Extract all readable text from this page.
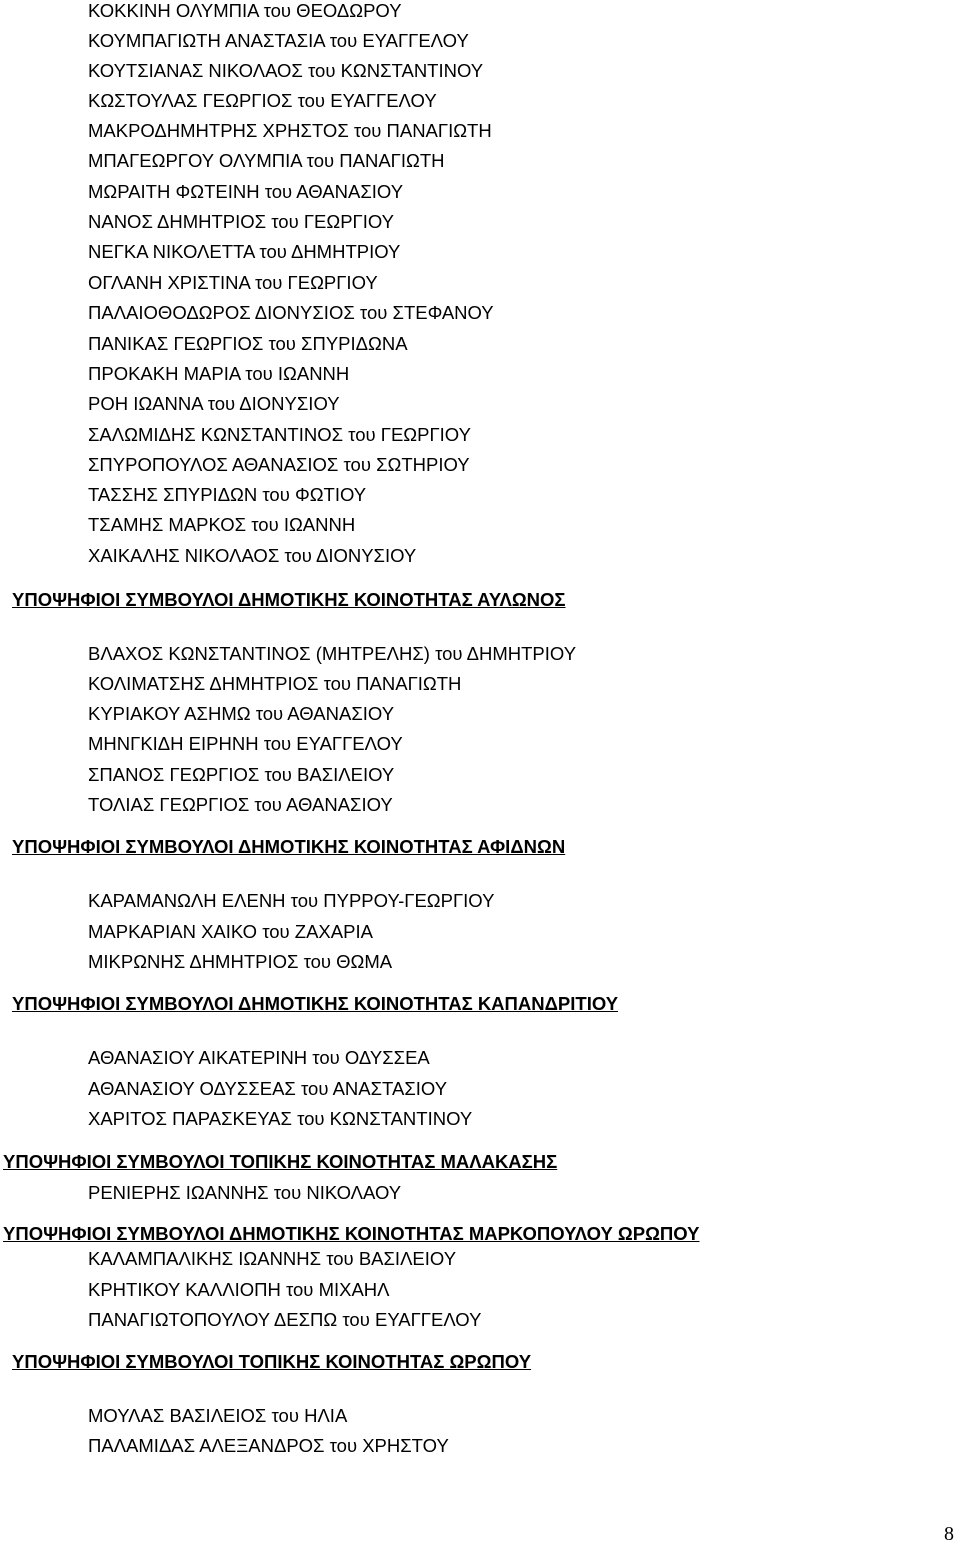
ΚΟΚΚΙΝΗ ΟΛΥΜΠΙΑ του ΘΕΟΔΩΡΟΥ
ΚΟΥΜΠΑΓΙΩΤΗ ΑΝΑΣΤΑΣΙΑ του ΕΥΑΓΓΕΛΟΥ
ΚΟΥΤΣΙΑΝΑΣ ΝΙΚΟΛΑΟΣ του ΚΩΝΣΤΑΝΤΙΝΟΥ
ΚΩΣΤΟΥΛΑΣ ΓΕΩΡΓΙΟΣ του ΕΥΑΓΓΕΛΟΥ
ΜΑΚΡΟΔΗΜΗΤΡΗΣ ΧΡΗΣΤΟΣ του ΠΑΝΑΓΙΩΤΗ
ΜΠΑΓΕΩΡΓΟΥ ΟΛΥΜΠΙΑ του ΠΑΝΑΓΙΩΤΗ
ΜΩΡΑΙΤΗ ΦΩΤΕΙΝΗ του ΑΘΑΝΑΣΙΟΥ
ΝΑΝΟΣ ΔΗΜΗΤΡΙΟΣ του ΓΕΩΡΓΙΟΥ
ΝΕΓΚΑ ΝΙΚΟΛΕΤΤΑ του ΔΗΜΗΤΡΙΟΥ
ΟΓΛΑΝΗ ΧΡΙΣΤΙΝΑ του ΓΕΩΡΓΙΟΥ
ΠΑΛΑΙΟΘΟΔΩΡΟΣ ΔΙΟΝΥΣΙΟΣ του ΣΤΕΦΑΝΟΥ
ΠΑΝΙΚΑΣ ΓΕΩΡΓΙΟΣ του ΣΠΥΡΙΔΩΝΑ
ΠΡΟΚΑΚΗ ΜΑΡΙΑ του ΙΩΑΝΝΗ
ΡΟΗ ΙΩΑΝΝΑ του ΔΙΟΝΥΣΙΟΥ
ΣΑΛΩΜΙΔΗΣ ΚΩΝΣΤΑΝΤΙΝΟΣ του ΓΕΩΡΓΙΟΥ
ΣΠΥΡΟΠΟΥΛΟΣ ΑΘΑΝΑΣΙΟΣ του ΣΩΤΗΡΙΟΥ
ΤΑΣΣΗΣ ΣΠΥΡΙΔΩΝ του ΦΩΤΙΟΥ
ΤΣΑΜΗΣ ΜΑΡΚΟΣ του ΙΩΑΝΝΗ
ΧΑΙΚΑΛΗΣ ΝΙΚΟΛΑΟΣ του ΔΙΟΝΥΣΙΟΥ
ΥΠΟΨΗΦΙΟΙ ΣΥΜΒΟΥΛΟΙ ΔΗΜΟΤΙΚΗΣ ΚΟΙΝΟΤΗΤΑΣ ΑΥΛΩΝΟΣ
ΒΛΑΧΟΣ ΚΩΝΣΤΑΝΤΙΝΟΣ (ΜΗΤΡΕΛΗΣ) του ΔΗΜΗΤΡΙΟΥ
ΚΟΛΙΜΑΤΣΗΣ ΔΗΜΗΤΡΙΟΣ του ΠΑΝΑΓΙΩΤΗ
ΚΥΡΙΑΚΟΥ ΑΣΗΜΩ του ΑΘΑΝΑΣΙΟΥ
ΜΗΝΓΚΙΔΗ ΕΙΡΗΝΗ του ΕΥΑΓΓΕΛΟΥ
ΣΠΑΝΟΣ ΓΕΩΡΓΙΟΣ του ΒΑΣΙΛΕΙΟΥ
ΤΟΛΙΑΣ ΓΕΩΡΓΙΟΣ του ΑΘΑΝΑΣΙΟΥ
ΥΠΟΨΗΦΙΟΙ ΣΥΜΒΟΥΛΟΙ ΔΗΜΟΤΙΚΗΣ ΚΟΙΝΟΤΗΤΑΣ ΑΦΙΔΝΩΝ
ΚΑΡΑΜΑΝΩΛΗ ΕΛΕΝΗ του ΠΥΡΡΟΥ-ΓΕΩΡΓΙΟΥ
ΜΑΡΚΑΡΙΑΝ ΧΑΙΚΟ του ΖΑΧΑΡΙΑ
ΜΙΚΡΩΝΗΣ ΔΗΜΗΤΡΙΟΣ του ΘΩΜΑ
ΥΠΟΨΗΦΙΟΙ ΣΥΜΒΟΥΛΟΙ ΔΗΜΟΤΙΚΗΣ ΚΟΙΝΟΤΗΤΑΣ ΚΑΠΑΝΔΡΙΤΙΟΥ
ΑΘΑΝΑΣΙΟΥ ΑΙΚΑΤΕΡΙΝΗ του ΟΔΥΣΣΕΑ
ΑΘΑΝΑΣΙΟΥ ΟΔΥΣΣΕΑΣ του ΑΝΑΣΤΑΣΙΟΥ
ΧΑΡΙΤΟΣ ΠΑΡΑΣΚΕΥΑΣ του ΚΩΝΣΤΑΝΤΙΝΟΥ
ΥΠΟΨΗΦΙΟΙ ΣΥΜΒΟΥΛΟΙ ΤΟΠΙΚΗΣ ΚΟΙΝΟΤΗΤΑΣ ΜΑΛΑΚΑΣΗΣ
ΡΕΝΙΕΡΗΣ ΙΩΑΝΝΗΣ του ΝΙΚΟΛΑΟΥ
ΥΠΟΨΗΦΙΟΙ ΣΥΜΒΟΥΛΟΙ ΔΗΜΟΤΙΚΗΣ ΚΟΙΝΟΤΗΤΑΣ ΜΑΡΚΟΠΟΥΛΟΥ ΩΡΩΠΟΥ
ΚΑΛΑΜΠΑΛΙΚΗΣ ΙΩΑΝΝΗΣ του ΒΑΣΙΛΕΙΟΥ
ΚΡΗΤΙΚΟΥ ΚΑΛΛΙΟΠΗ του ΜΙΧΑΗΛ
ΠΑΝΑΓΙΩΤΟΠΟΥΛΟΥ ΔΕΣΠΩ του ΕΥΑΓΓΕΛΟΥ
ΥΠΟΨΗΦΙΟΙ ΣΥΜΒΟΥΛΟΙ ΤΟΠΙΚΗΣ ΚΟΙΝΟΤΗΤΑΣ ΩΡΩΠΟΥ
ΜΟΥΛΑΣ ΒΑΣΙΛΕΙΟΣ του ΗΛΙΑ
ΠΑΛΑΜΙΔΑΣ ΑΛΕΞΑΝΔΡΟΣ του ΧΡΗΣΤΟΥ
8
